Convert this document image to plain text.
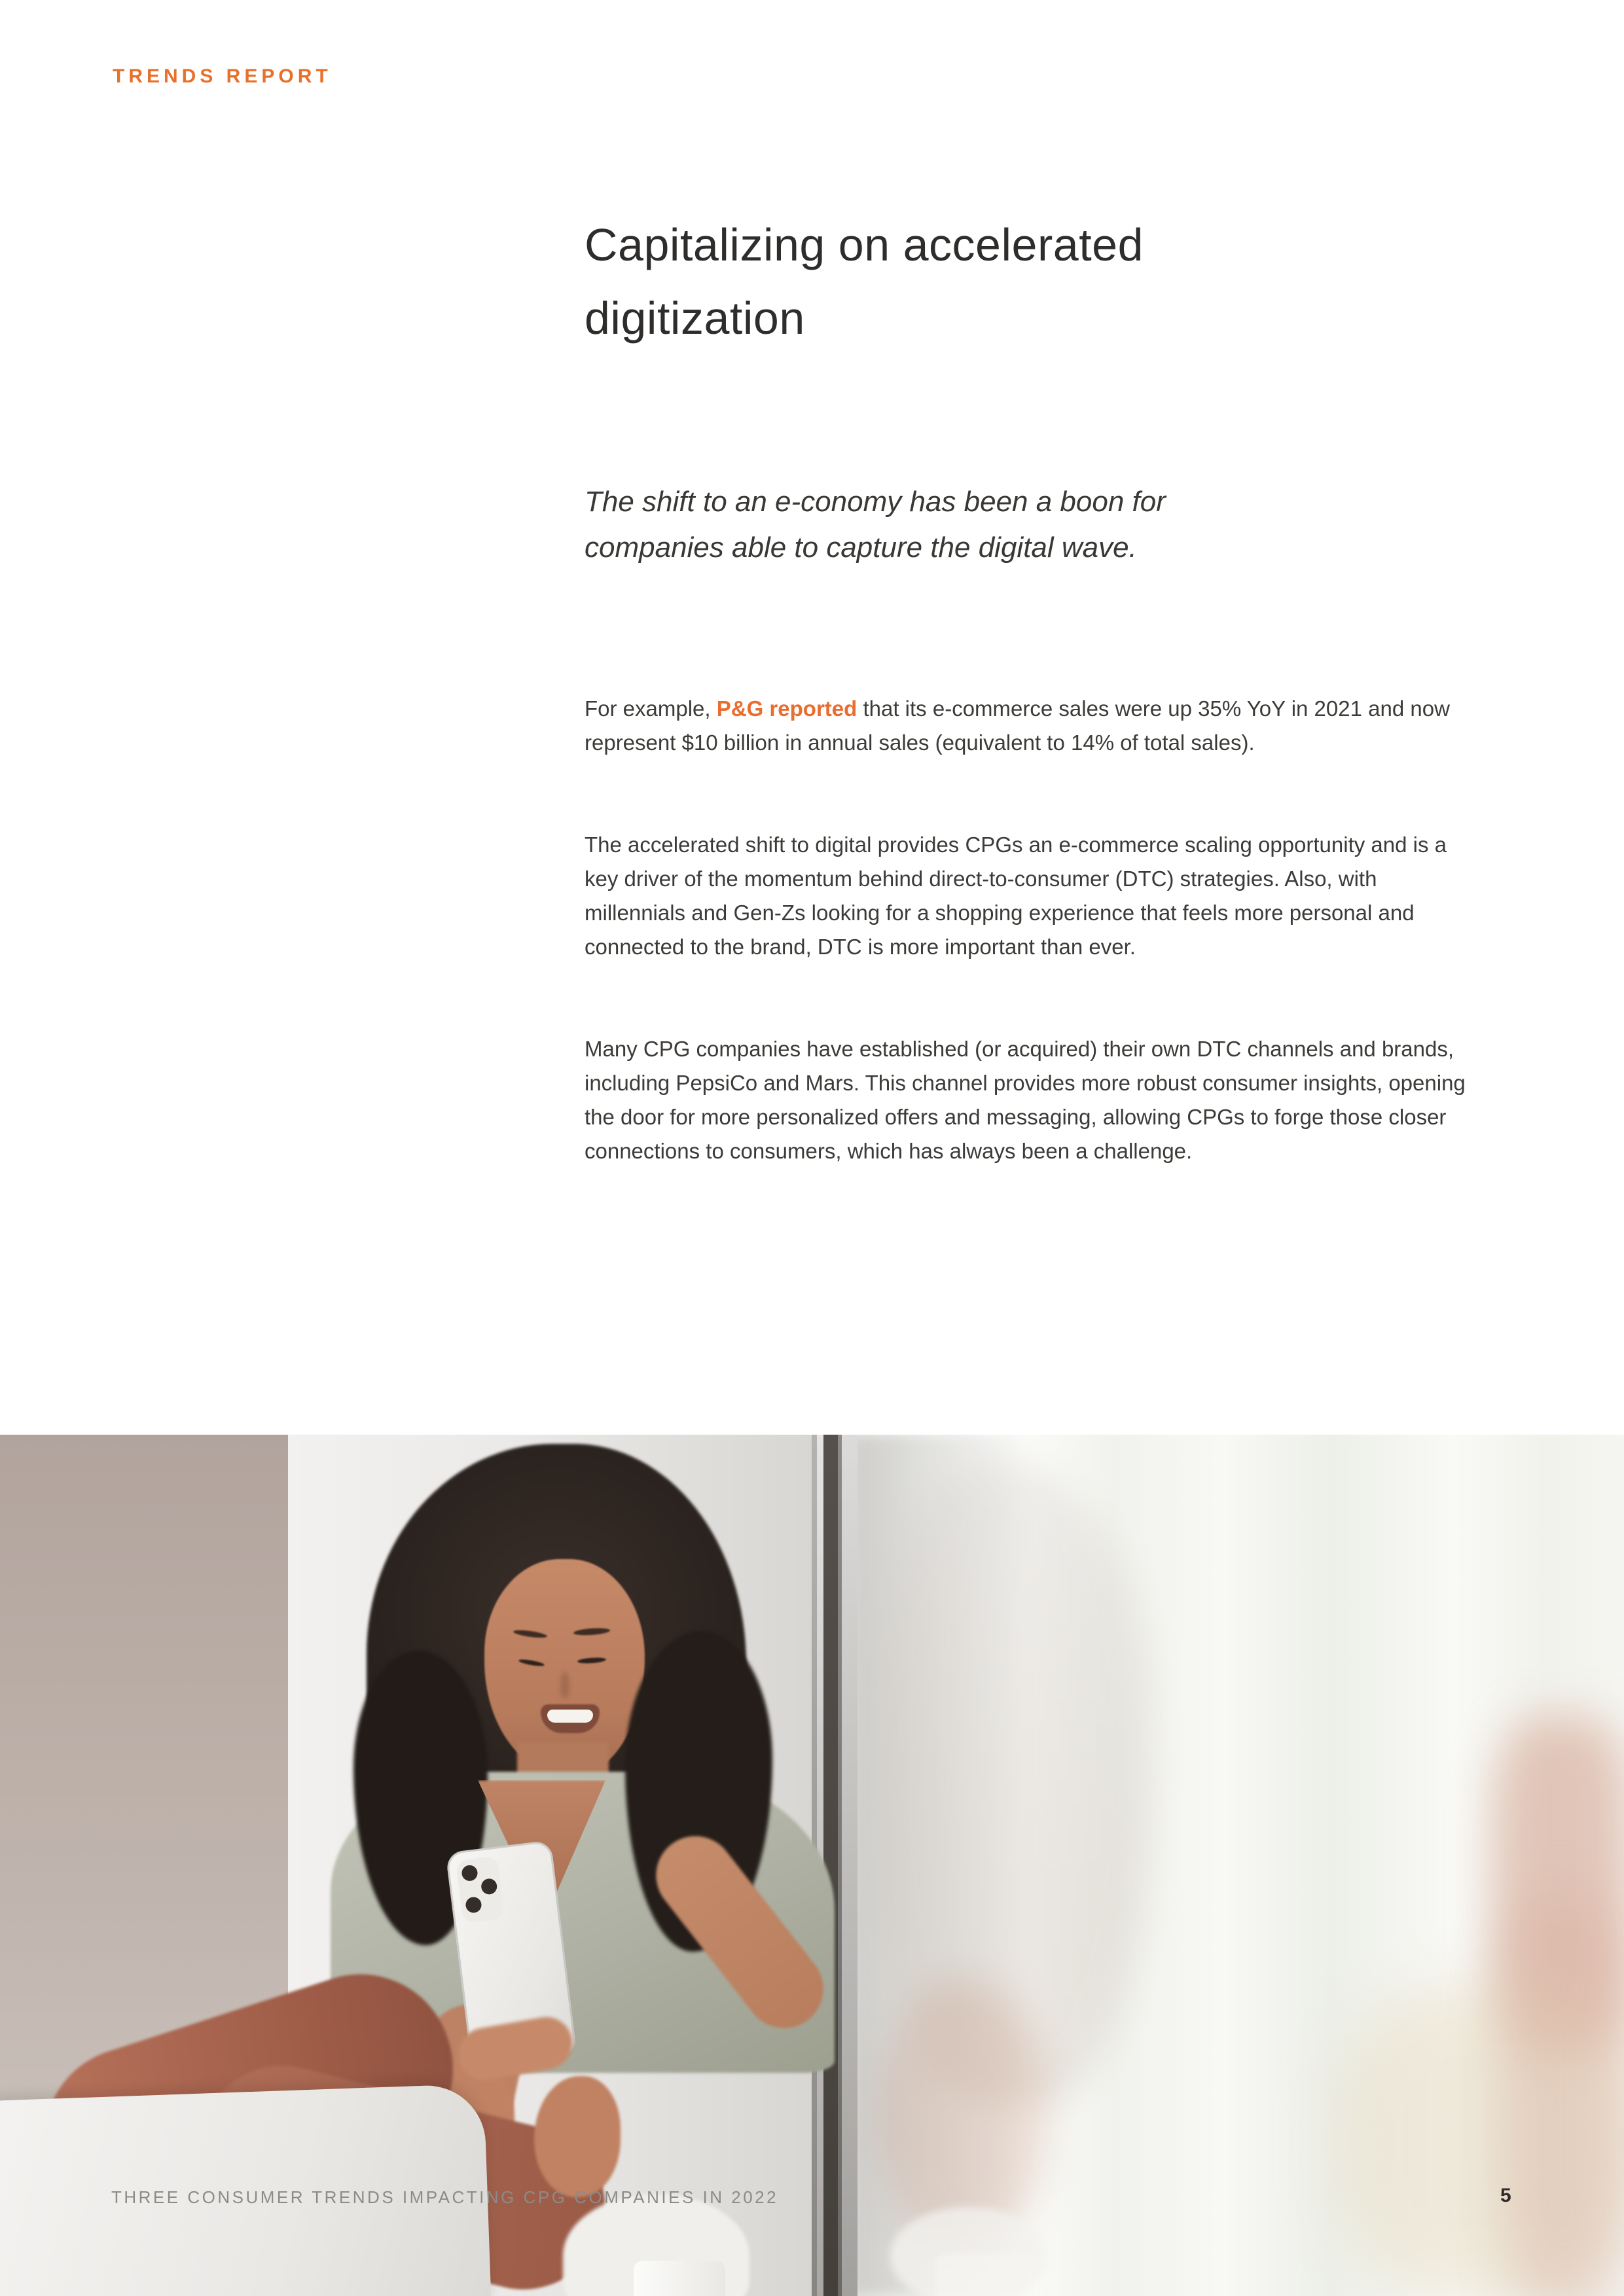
TRENDS REPORT
Capitalizing on accelerated digitization

The shift to an e-conomy has been a boon for companies able to capture the digital wave.

For example, P&G reported that its e-commerce sales were up 35% YoY in 2021 and now represent $10 billion in annual sales (equivalent to 14% of total sales).

The accelerated shift to digital provides CPGs an e-commerce scaling opportunity and is a key driver of the momentum behind direct-to-consumer (DTC) strategies. Also, with millennials and Gen-Zs looking for a shopping experience that feels more personal and connected to the brand, DTC is more important than ever.

Many CPG companies have established (or acquired) their own DTC channels and brands, including PepsiCo and Mars. This channel provides more robust consumer insights, opening the door for more personalized offers and messaging, allowing CPGs to forge those closer connections to consumers, which has always been a challenge.

THREE CONSUMER TRENDS IMPACTING CPG COMPANIES IN 2022	5
